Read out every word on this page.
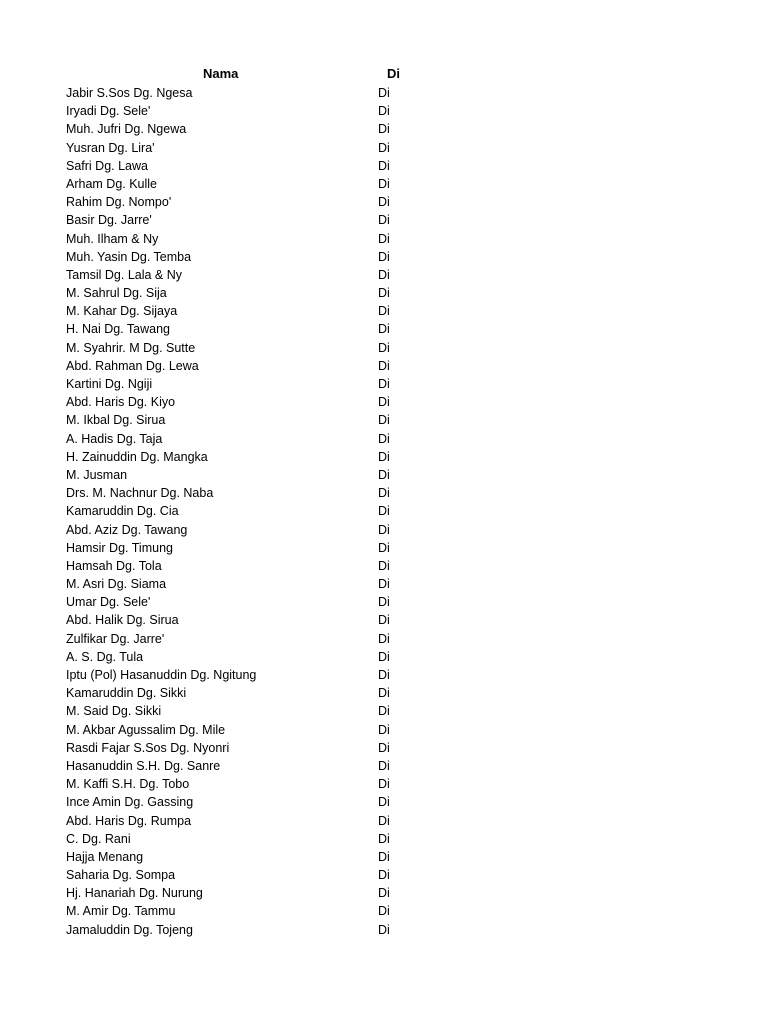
Nama	Di
Jabir S.Sos Dg. Ngesa	Di
Iryadi Dg. Sele'	Di
Muh. Jufri Dg. Ngewa	Di
Yusran Dg. Lira'	Di
Safri Dg. Lawa	Di
Arham Dg. Kulle	Di
Rahim Dg. Nompo'	Di
Basir Dg. Jarre'	Di
Muh. Ilham & Ny	Di
Muh. Yasin Dg. Temba	Di
Tamsil Dg. Lala & Ny	Di
M. Sahrul Dg. Sija	Di
M. Kahar Dg. Sijaya	Di
H. Nai Dg. Tawang	Di
M. Syahrir. M Dg. Sutte	Di
Abd. Rahman Dg. Lewa	Di
Kartini Dg. Ngiji	Di
Abd. Haris Dg. Kiyo	Di
M. Ikbal Dg. Sirua	Di
A. Hadis Dg. Taja	Di
H. Zainuddin Dg. Mangka	Di
M. Jusman	Di
Drs. M. Nachnur Dg. Naba	Di
Kamaruddin Dg. Cia	Di
Abd. Aziz Dg. Tawang	Di
Hamsir Dg. Timung	Di
Hamsah Dg. Tola	Di
M. Asri Dg. Siama	Di
Umar Dg. Sele'	Di
Abd. Halik Dg. Sirua	Di
Zulfikar Dg. Jarre'	Di
A. S. Dg. Tula	Di
Iptu (Pol) Hasanuddin Dg. Ngitung	Di
Kamaruddin Dg. Sikki	Di
M. Said Dg. Sikki	Di
M. Akbar Agussalim Dg. Mile	Di
Rasdi Fajar S.Sos Dg. Nyonri	Di
Hasanuddin S.H. Dg. Sanre	Di
M. Kaffi S.H. Dg. Tobo	Di
Ince Amin Dg. Gassing	Di
Abd. Haris Dg. Rumpa	Di
C. Dg. Rani	Di
Hajja Menang	Di
Saharia Dg. Sompa	Di
Hj. Hanariah Dg. Nurung	Di
M. Amir Dg. Tammu	Di
Jamaluddin Dg. Tojeng	Di
